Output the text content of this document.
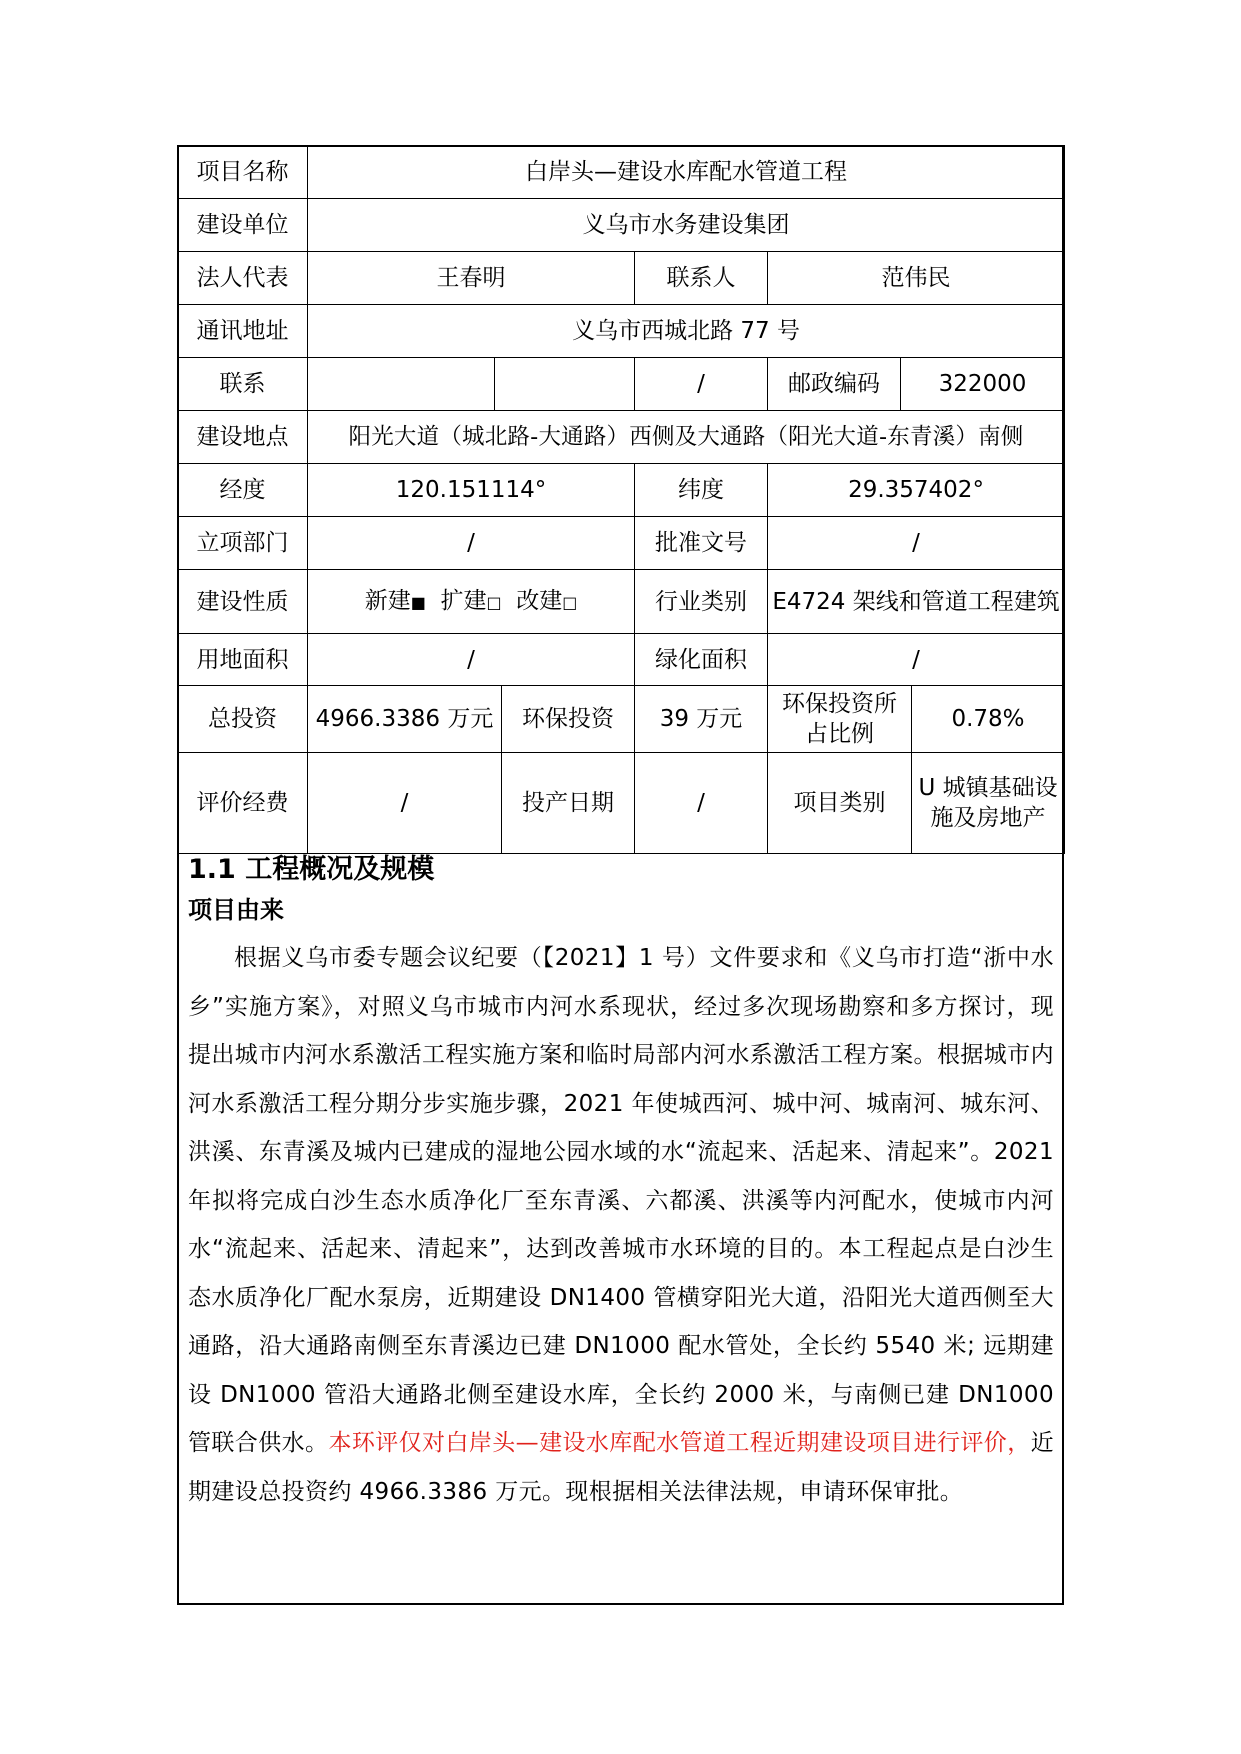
项目名称	白岸头—建设水库配水管道工程						
建设单位	义乌市水务建设集团						
法人代表	王春明			联系人	范伟民		
通讯地址	义乌市西城北路 77 号						
联系				/	邮政编码	322000	
建设地点	阳光大道（城北路-大通路）西侧及大通路（阳光大道-东青溪）南侧						
经度	120.151114°			纬度	29.357402°		
立项部门	/			批准文号	/		
建设性质	新建■ 扩建□ 改建□			行业类别	E4724 架线和管道工程建筑		
用地面积	/			绿化面积	/		
总投资	4966.3386 万元		环保投资	39 万元	环保投资所占比例		0.78%
评价经费	/		投产日期	/	项目类别		U 城镇基础设施及房地产

1.1 工程概况及规模

项目由来

根据义乌市委专题会议纪要（【2021】1 号）文件要求和《义乌市打造“浙中水乡”实施方案》，对照义乌市城市内河水系现状，经过多次现场勘察和多方探讨，现提出城市内河水系激活工程实施方案和临时局部内河水系激活工程方案。根据城市内河水系激活工程分期分步实施步骤，2021 年使城西河、城中河、城南河、城东河、洪溪、东青溪及城内已建成的湿地公园水域的水“流起来、活起来、清起来”。2021 年拟将完成白沙生态水质净化厂至东青溪、六都溪、洪溪等内河配水，使城市内河水“流起来、活起来、清起来”，达到改善城市水环境的目的。本工程起点是白沙生态水质净化厂配水泵房，近期建设 DN1400 管横穿阳光大道，沿阳光大道西侧至大通路，沿大通路南侧至东青溪边已建 DN1000 配水管处，全长约 5540 米; 远期建设 DN1000 管沿大通路北侧至建设水库，全长约 2000 米，与南侧已建 DN1000 管联合供水。本环评仅对白岸头—建设水库配水管道工程近期建设项目进行评价，近期建设总投资约 4966.3386 万元。现根据相关法律法规，申请环保审批。
